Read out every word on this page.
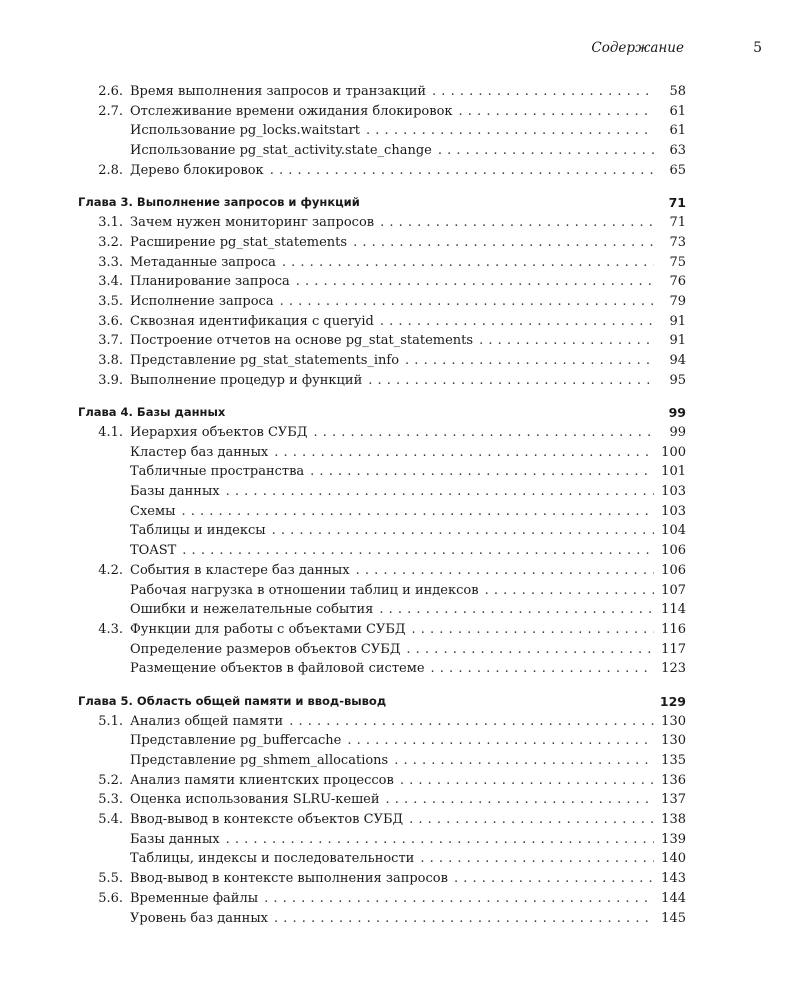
Содержание	5
2.6. Время выполнения запросов и транзакций . . .	58
2.7. Отслеживание времени ожидания блокировок . . .	61
Использование pg_locks.waitstart . . .	61
Использование pg_stat_activity.state_change . . .	63
2.8. Дерево блокировок . . .	65
Глава 3. Выполнение запросов и функций	71
3.1. Зачем нужен мониторинг запросов . . .	71
3.2. Расширение pg_stat_statements . . .	73
3.3. Метаданные запроса . . .	75
3.4. Планирование запроса . . .	76
3.5. Исполнение запроса . . .	79
3.6. Сквозная идентификация с queryid . . .	91
3.7. Построение отчетов на основе pg_stat_statements . . .	91
3.8. Представление pg_stat_statements_info . . .	94
3.9. Выполнение процедур и функций . . .	95
Глава 4. Базы данных	99
4.1. Иерархия объектов СУБД . . .	99
Кластер баз данных . . .	100
Табличные пространства . . .	101
Базы данных . . .	103
Схемы . . .	103
Таблицы и индексы . . .	104
TOAST . . .	106
4.2. События в кластере баз данных . . .	106
Рабочая нагрузка в отношении таблиц и индексов . . .	107
Ошибки и нежелательные события . . .	114
4.3. Функции для работы с объектами СУБД . . .	116
Определение размеров объектов СУБД . . .	117
Размещение объектов в файловой системе . . .	123
Глава 5. Область общей памяти и ввод-вывод	129
5.1. Анализ общей памяти . . .	130
Представление pg_buffercache . . .	130
Представление pg_shmem_allocations . . .	135
5.2. Анализ памяти клиентских процессов . . .	136
5.3. Оценка использования SLRU-кешей . . .	137
5.4. Ввод-вывод в контексте объектов СУБД . . .	138
Базы данных . . .	139
Таблицы, индексы и последовательности . . .	140
5.5. Ввод-вывод в контексте выполнения запросов . . .	143
5.6. Временные файлы . . .	144
Уровень баз данных . . .	145
